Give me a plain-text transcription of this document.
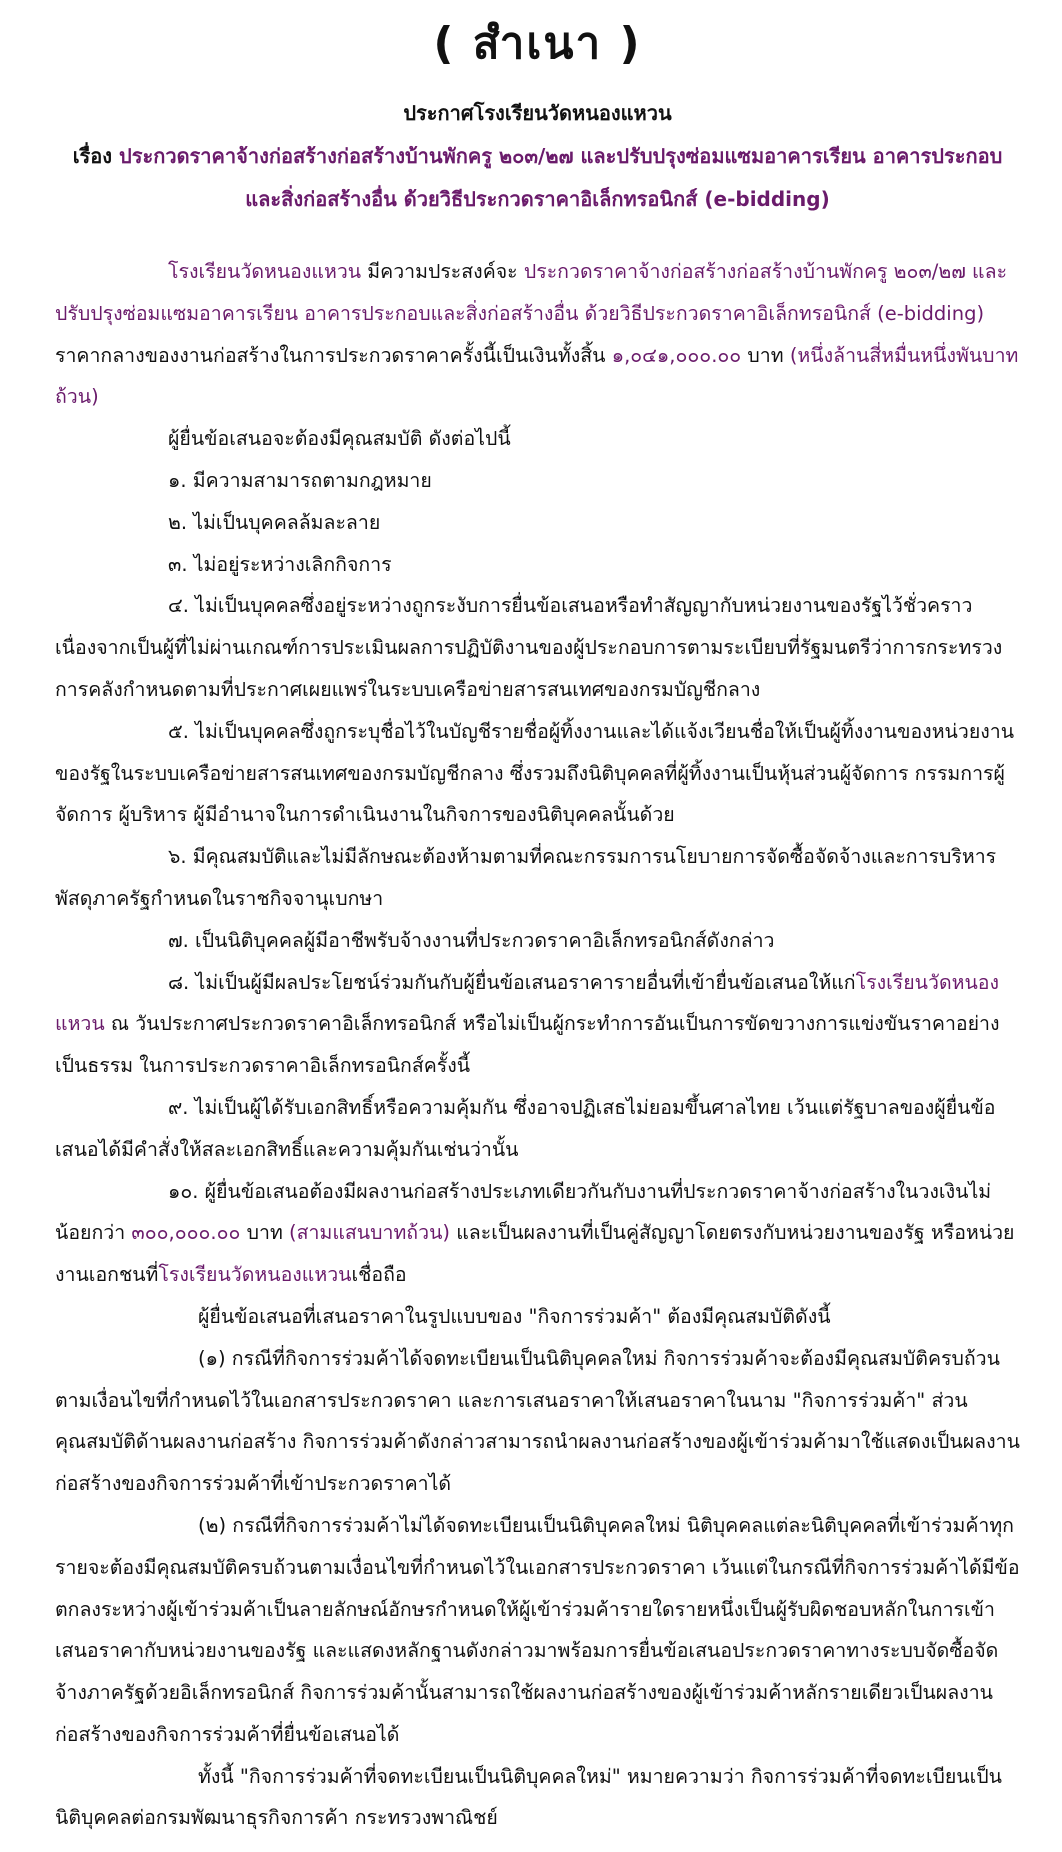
( สำเนา )
ประกาศโรงเรียนวัดหนองแหวน
เรื่อง ประกวดราคาจ้างก่อสร้างก่อสร้างบ้านพักครู ๒๐๓/๒๗ และปรับปรุงซ่อมแซมอาคารเรียน อาคารประกอบ
และสิ่งก่อสร้างอื่น ด้วยวิธีประกวดราคาอิเล็กทรอนิกส์ (e-bidding)

โรงเรียนวัดหนองแหวน มีความประสงค์จะ ประกวดราคาจ้างก่อสร้างก่อสร้างบ้านพักครู ๒๐๓/๒๗ และปรับปรุงซ่อมแซมอาคารเรียน อาคารประกอบและสิ่งก่อสร้างอื่น ด้วยวิธีประกวดราคาอิเล็กทรอนิกส์ (e-bidding) ราคากลางของงานก่อสร้างในการประกวดราคาครั้งนี้เป็นเงินทั้งสิ้น ๑,๐๔๑,๐๐๐.๐๐ บาท (หนึ่งล้านสี่หมื่นหนึ่งพันบาทถ้วน)

ผู้ยื่นข้อเสนอจะต้องมีคุณสมบัติ ดังต่อไปนี้

๑. มีความสามารถตามกฎหมาย

๒. ไม่เป็นบุคคลล้มละลาย

๓. ไม่อยู่ระหว่างเลิกกิจการ

๔. ไม่เป็นบุคคลซึ่งอยู่ระหว่างถูกระงับการยื่นข้อเสนอหรือทำสัญญากับหน่วยงานของรัฐไว้ชั่วคราว เนื่องจากเป็นผู้ที่ไม่ผ่านเกณฑ์การประเมินผลการปฏิบัติงานของผู้ประกอบการตามระเบียบที่รัฐมนตรีว่าการกระทรวงการคลังกำหนดตามที่ประกาศเผยแพร่ในระบบเครือข่ายสารสนเทศของกรมบัญชีกลาง

๕. ไม่เป็นบุคคลซึ่งถูกระบุชื่อไว้ในบัญชีรายชื่อผู้ทิ้งงานและได้แจ้งเวียนชื่อให้เป็นผู้ทิ้งงานของหน่วยงานของรัฐในระบบเครือข่ายสารสนเทศของกรมบัญชีกลาง ซึ่งรวมถึงนิติบุคคลที่ผู้ทิ้งงานเป็นหุ้นส่วนผู้จัดการ กรรมการผู้จัดการ ผู้บริหาร ผู้มีอำนาจในการดำเนินงานในกิจการของนิติบุคคลนั้นด้วย

๖. มีคุณสมบัติและไม่มีลักษณะต้องห้ามตามที่คณะกรรมการนโยบายการจัดซื้อจัดจ้างและการบริหารพัสดุภาครัฐกำหนดในราชกิจจานุเบกษา

๗. เป็นนิติบุคคลผู้มีอาชีพรับจ้างงานที่ประกวดราคาอิเล็กทรอนิกส์ดังกล่าว

๘. ไม่เป็นผู้มีผลประโยชน์ร่วมกันกับผู้ยื่นข้อเสนอราคารายอื่นที่เข้ายื่นข้อเสนอให้แก่โรงเรียนวัดหนองแหวน ณ วันประกาศประกวดราคาอิเล็กทรอนิกส์ หรือไม่เป็นผู้กระทำการอันเป็นการขัดขวางการแข่งขันราคาอย่างเป็นธรรม ในการประกวดราคาอิเล็กทรอนิกส์ครั้งนี้

๙. ไม่เป็นผู้ได้รับเอกสิทธิ์หรือความคุ้มกัน ซึ่งอาจปฏิเสธไม่ยอมขึ้นศาลไทย เว้นแต่รัฐบาลของผู้ยื่นข้อเสนอได้มีคำสั่งให้สละเอกสิทธิ์และความคุ้มกันเช่นว่านั้น

๑๐. ผู้ยื่นข้อเสนอต้องมีผลงานก่อสร้างประเภทเดียวกันกับงานที่ประกวดราคาจ้างก่อสร้างในวงเงินไม่น้อยกว่า ๓๐๐,๐๐๐.๐๐ บาท (สามแสนบาทถ้วน) และเป็นผลงานที่เป็นคู่สัญญาโดยตรงกับหน่วยงานของรัฐ หรือหน่วยงานเอกชนที่โรงเรียนวัดหนองแหวนเชื่อถือ

ผู้ยื่นข้อเสนอที่เสนอราคาในรูปแบบของ "กิจการร่วมค้า" ต้องมีคุณสมบัติดังนี้

(๑) กรณีที่กิจการร่วมค้าได้จดทะเบียนเป็นนิติบุคคลใหม่ กิจการร่วมค้าจะต้องมีคุณสมบัติครบถ้วนตามเงื่อนไขที่กำหนดไว้ในเอกสารประกวดราคา และการเสนอราคาให้เสนอราคาในนาม "กิจการร่วมค้า" ส่วนคุณสมบัติด้านผลงานก่อสร้าง กิจการร่วมค้าดังกล่าวสามารถนำผลงานก่อสร้างของผู้เข้าร่วมค้ามาใช้แสดงเป็นผลงานก่อสร้างของกิจการร่วมค้าที่เข้าประกวดราคาได้

(๒) กรณีที่กิจการร่วมค้าไม่ได้จดทะเบียนเป็นนิติบุคคลใหม่ นิติบุคคลแต่ละนิติบุคคลที่เข้าร่วมค้าทุกรายจะต้องมีคุณสมบัติครบถ้วนตามเงื่อนไขที่กำหนดไว้ในเอกสารประกวดราคา เว้นแต่ในกรณีที่กิจการร่วมค้าได้มีข้อตกลงระหว่างผู้เข้าร่วมค้าเป็นลายลักษณ์อักษรกำหนดให้ผู้เข้าร่วมค้ารายใดรายหนึ่งเป็นผู้รับผิดชอบหลักในการเข้าเสนอราคากับหน่วยงานของรัฐ และแสดงหลักฐานดังกล่าวมาพร้อมการยื่นข้อเสนอประกวดราคาทางระบบจัดซื้อจัดจ้างภาครัฐด้วยอิเล็กทรอนิกส์ กิจการร่วมค้านั้นสามารถใช้ผลงานก่อสร้างของผู้เข้าร่วมค้าหลักรายเดียวเป็นผลงานก่อสร้างของกิจการร่วมค้าที่ยื่นข้อเสนอได้

ทั้งนี้ "กิจการร่วมค้าที่จดทะเบียนเป็นนิติบุคคลใหม่" หมายความว่า กิจการร่วมค้าที่จดทะเบียนเป็นนิติบุคคลต่อกรมพัฒนาธุรกิจการค้า กระทรวงพาณิชย์
